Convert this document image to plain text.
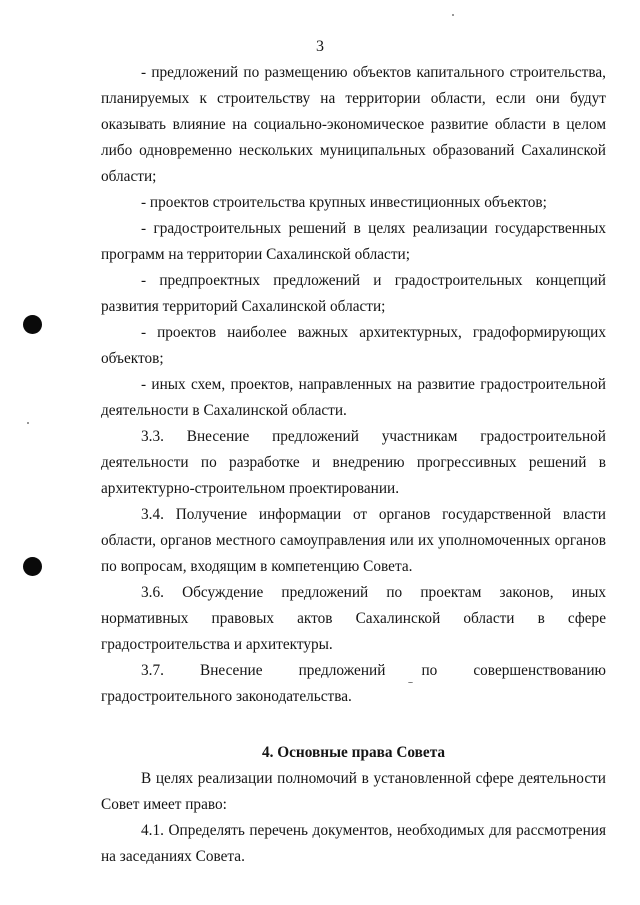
3

- предложений по размещению объектов капитального строительства, планируемых к строительству на территории области, если они будут оказывать влияние на социально-экономическое развитие области в целом либо одновременно нескольких муниципальных образований Сахалинской области;

- проектов строительства крупных инвестиционных объектов;

- градостроительных решений в целях реализации государственных программ на территории Сахалинской области;

- предпроектных предложений и градостроительных концепций развития территорий Сахалинской области;

- проектов наиболее важных архитектурных, градоформирующих объектов;

- иных схем, проектов, направленных на развитие градостроительной деятельности в Сахалинской области.

3.3. Внесение предложений участникам градостроительной деятельности по разработке и внедрению прогрессивных решений в архитектурно-строительном проектировании.

3.4. Получение информации от органов государственной власти области, органов местного самоуправления или их уполномоченных органов по вопросам, входящим в компетенцию Совета.

3.6. Обсуждение предложений по проектам законов, иных нормативных правовых актов Сахалинской области в сфере градостроительства и архитектуры.

3.7. Внесение предложений по совершенствованию градостроительного законодательства.

4. Основные права Совета

В целях реализации полномочий в установленной сфере деятельности Совет имеет право:

4.1. Определять перечень документов, необходимых для рассмотрения на заседаниях Совета.
